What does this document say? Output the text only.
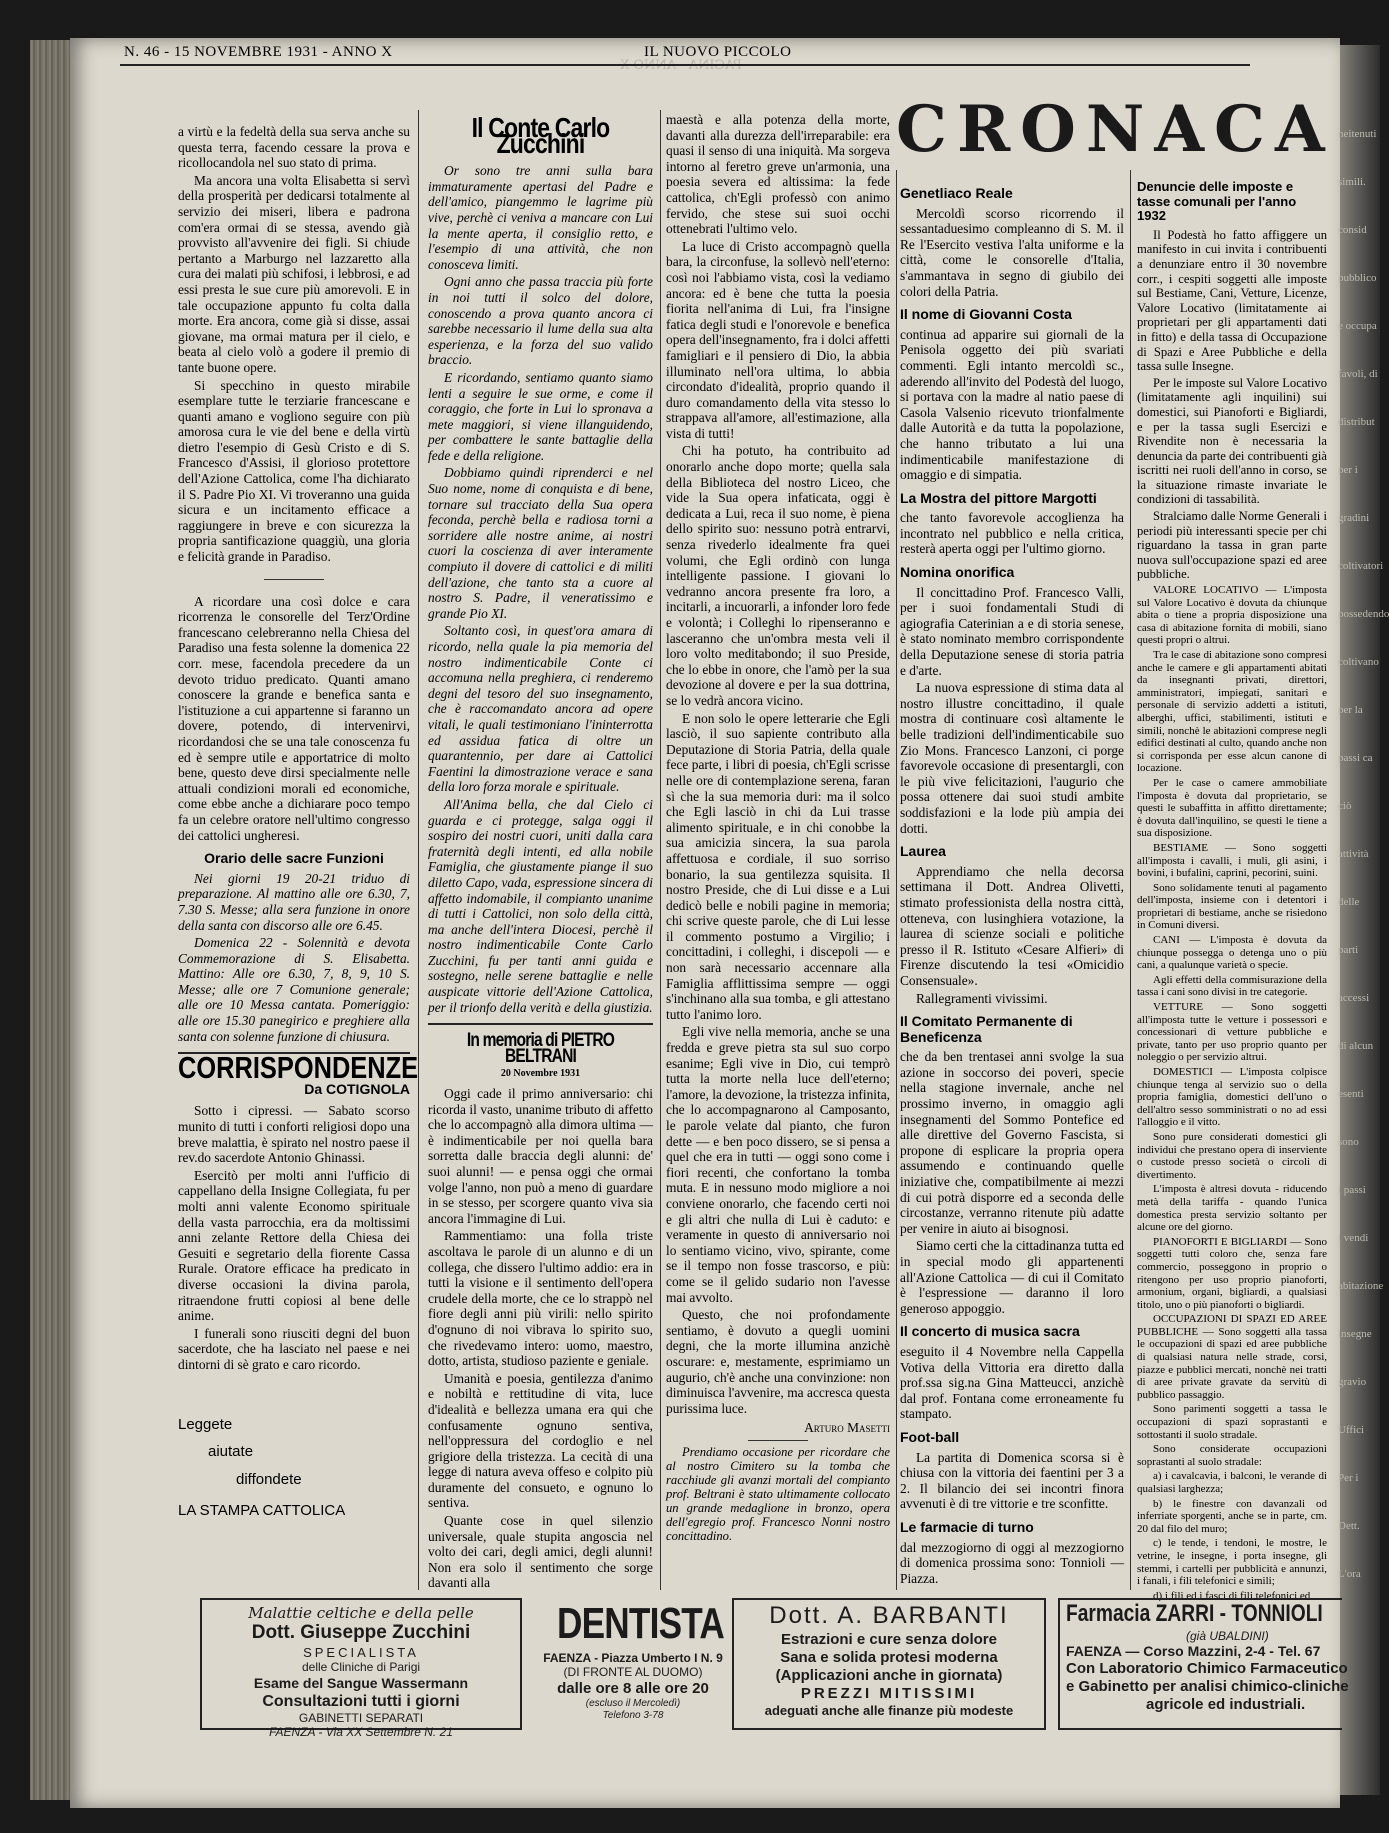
PAGINA · ANNO X
N. 46 - 15 NOVEMBRE 1931 - ANNO X	IL NUOVO PICCOLO

a virtù e la fedeltà della sua serva anche su questa terra, facendo cessare la prova e ricollocandola nel suo stato di prima.

Ma ancora una volta Elisabetta si servì della prosperità per dedicarsi totalmente al servizio dei miseri, libera e padrona com'era ormai di se stessa, avendo già provvisto all'avvenire dei figli. Si chiude pertanto a Marburgo nel lazzaretto alla cura dei malati più schifosi, i lebbrosi, e ad essi presta le sue cure più amorevoli. E in tale occupazione appunto fu colta dalla morte. Era ancora, come già si disse, assai giovane, ma ormai matura per il cielo, e beata al cielo volò a godere il premio di tante buone opere.

Si specchino in questo mirabile esemplare tutte le terziarie francescane e quanti amano e vogliono seguire con più amorosa cura le vie del bene e della virtù dietro l'esempio di Gesù Cristo e di S. Francesco d'Assisi, il glorioso protettore dell'Azione Cattolica, come l'ha dichiarato il S. Padre Pio XI. Vi troveranno una guida sicura e un incitamento efficace a raggiungere in breve e con sicurezza la propria santificazione quaggiù, una gloria e felicità grande in Paradiso.

A ricordare una così dolce e cara ricorrenza le consorelle del Terz'Ordine francescano celebreranno nella Chiesa del Paradiso una festa solenne la domenica 22 corr. mese, facendola precedere da un devoto triduo predicato. Quanti amano conoscere la grande e benefica santa e l'istituzione a cui appartenne si faranno un dovere, potendo, di intervenirvi, ricordandosi che se una tale conoscenza fu ed è sempre utile e apportatrice di molto bene, questo deve dirsi specialmente nelle attuali condizioni morali ed economiche, come ebbe anche a dichiarare poco tempo fa un celebre oratore nell'ultimo congresso dei cattolici ungheresi.

Orario delle sacre Funzioni

Nei giorni 19 20-21 triduo di preparazione. Al mattino alle ore 6.30, 7, 7.30 S. Messe; alla sera funzione in onore della santa con discorso alle ore 6.45.

Domenica 22 - Solennità e devota Commemorazione di S. Elisabetta. Mattino: Alle ore 6.30, 7, 8, 9, 10 S. Messe; alle ore 7 Comunione generale; alle ore 10 Messa cantata. Pomeriggio: alle ore 15.30 panegirico e preghiere alla santa con solenne funzione di chiusura.

CORRISPONDENZE
Da COTIGNOLA

Sotto i cipressi. — Sabato scorso munito di tutti i conforti religiosi dopo una breve malattia, è spirato nel nostro paese il rev.do sacerdote Antonio Ghinassi.

Esercitò per molti anni l'ufficio di cappellano della Insigne Collegiata, fu per molti anni valente Economo spirituale della vasta parrocchia, era da moltissimi anni zelante Rettore della Chiesa dei Gesuiti e segretario della fiorente Cassa Rurale. Oratore efficace ha predicato in diverse occasioni la divina parola, ritraendone frutti copiosi al bene delle anime.

I funerali sono riusciti degni del buon sacerdote, che ha lasciato nel paese e nei dintorni di sè grato e caro ricordo.

Leggete
aiutate
diffondete
LA STAMPA CATTOLICA
Il Conte Carlo Zucchini

Or sono tre anni sulla bara immaturamente apertasi del Padre e dell'amico, piangemmo le lagrime più vive, perchè ci veniva a mancare con Lui la mente aperta, il consiglio retto, e l'esempio di una attività, che non conosceva limiti.

Ogni anno che passa traccia più forte in noi tutti il solco del dolore, conoscendo a prova quanto ancora ci sarebbe necessario il lume della sua alta esperienza, e la forza del suo valido braccio.

E ricordando, sentiamo quanto siamo lenti a seguire le sue orme, e come il coraggio, che forte in Lui lo spronava a mete maggiori, si viene illanguidendo, per combattere le sante battaglie della fede e della religione.

Dobbiamo quindi riprenderci e nel Suo nome, nome di conquista e di bene, tornare sul tracciato della Sua opera feconda, perchè bella e radiosa torni a sorridere alle nostre anime, ai nostri cuori la coscienza di aver interamente compiuto il dovere di cattolici e di militi dell'azione, che tanto sta a cuore al nostro S. Padre, il veneratissimo e grande Pio XI.

Soltanto così, in quest'ora amara di ricordo, nella quale la pia memoria del nostro indimenticabile Conte ci accomuna nella preghiera, ci renderemo degni del tesoro del suo insegnamento, che è raccomandato ancora ad opere vitali, le quali testimoniano l'ininterrotta ed assidua fatica di oltre un quarantennio, per dare ai Cattolici Faentini la dimostrazione verace e sana della loro forza morale e spirituale.

All'Anima bella, che dal Cielo ci guarda e ci protegge, salga oggi il sospiro dei nostri cuori, uniti dalla cara fraternità degli intenti, ed alla nobile Famiglia, che giustamente piange il suo diletto Capo, vada, espressione sincera di affetto indomabile, il compianto unanime di tutti i Cattolici, non solo della città, ma anche dell'intera Diocesi, perchè il nostro indimenticabile Conte Carlo Zucchini, fu per tanti anni guida e sostegno, nelle serene battaglie e nelle auspicate vittorie dell'Azione Cattolica, per il trionfo della verità e della giustizia.

In memoria di PIETRO BELTRANI
20 Novembre 1931

Oggi cade il primo anniversario: chi ricorda il vasto, unanime tributo di affetto che lo accompagnò alla dimora ultima — è indimenticabile per noi quella bara sorretta dalle braccia degli alunni: de' suoi alunni! — e pensa oggi che ormai volge l'anno, non può a meno di guardare in se stesso, per scorgere quanto viva sia ancora l'immagine di Lui.

Rammentiamo: una folla triste ascoltava le parole di un alunno e di un collega, che dissero l'ultimo addio: era in tutti la visione e il sentimento dell'opera crudele della morte, che ce lo strappò nel fiore degli anni più virili: nello spirito d'ognuno di noi vibrava lo spirito suo, che rivedevamo intero: uomo, maestro, dotto, artista, studioso paziente e geniale.

Umanità e poesia, gentilezza d'animo e nobiltà e rettitudine di vita, luce d'idealità e bellezza umana era qui che confusamente ognuno sentiva, nell'oppressura del cordoglio e nel grigiore della tristezza. La cecità di una legge di natura aveva offeso e colpito più duramente del consueto, e ognuno lo sentiva.

Quante cose in quel silenzio universale, quale stupita angoscia nel volto dei cari, degli amici, degli alunni! Non era solo il sentimento che sorge davanti alla

maestà e alla potenza della morte, davanti alla durezza dell'irreparabile: era quasi il senso di una iniquità. Ma sorgeva intorno al feretro greve un'armonia, una poesia severa ed altissima: la fede cattolica, ch'Egli professò con animo fervido, che stese sui suoi occhi ottenebrati l'ultimo velo.

La luce di Cristo accompagnò quella bara, la circonfuse, la sollevò nell'eterno: così noi l'abbiamo vista, così la vediamo ancora: ed è bene che tutta la poesia fiorita nell'anima di Lui, fra l'insigne fatica degli studi e l'onorevole e benefica opera dell'insegnamento, fra i dolci affetti famigliari e il pensiero di Dio, la abbia illuminato nell'ora ultima, lo abbia circondato d'idealità, proprio quando il duro comandamento della vita stesso lo strappava all'amore, all'estimazione, alla vista di tutti!

Chi ha potuto, ha contribuito ad onorarlo anche dopo morte; quella sala della Biblioteca del nostro Liceo, che vide la Sua opera infaticata, oggi è dedicata a Lui, reca il suo nome, è piena dello spirito suo: nessuno potrà entrarvi, senza rivederlo idealmente fra quei volumi, che Egli ordinò con lunga intelligente passione. I giovani lo vedranno ancora presente fra loro, a incitarli, a incuorarli, a infonder loro fede e volontà; i Colleghi lo ripenseranno e lasceranno che un'ombra mesta veli il loro volto meditabondo; il suo Preside, che lo ebbe in onore, che l'amò per la sua devozione al dovere e per la sua dottrina, se lo vedrà ancora vicino.

E non solo le opere letterarie che Egli lasciò, il suo sapiente contributo alla Deputazione di Storia Patria, della quale fece parte, i libri di poesia, ch'Egli scrisse nelle ore di contemplazione serena, faran sì che la sua memoria duri: ma il solco che Egli lasciò in chi da Lui trasse alimento spirituale, e in chi conobbe la sua amicizia sincera, la sua parola affettuosa e cordiale, il suo sorriso bonario, la sua gentilezza squisita. Il nostro Preside, che di Lui disse e a Lui dedicò belle e nobili pagine in memoria; chi scrive queste parole, che di Lui lesse il commento postumo a Virgilio; i concittadini, i colleghi, i discepoli — e non sarà necessario accennare alla Famiglia afflittissima sempre — oggi s'inchinano alla sua tomba, e gli attestano tutto l'animo loro.

Egli vive nella memoria, anche se una fredda e greve pietra sta sul suo corpo esanime; Egli vive in Dio, cui temprò tutta la morte nella luce dell'eterno; l'amore, la devozione, la tristezza infinita, che lo accompagnarono al Camposanto, le parole velate dal pianto, che furon dette — e ben poco dissero, se si pensa a quel che era in tutti — oggi sono come i fiori recenti, che confortano la tomba muta. E in nessuno modo migliore a noi conviene onorarlo, che facendo certi noi e gli altri che nulla di Lui è caduto: e veramente in questo di anniversario noi lo sentiamo vicino, vivo, spirante, come se il tempo non fosse trascorso, e più: come se il gelido sudario non l'avesse mai avvolto.

Questo, che noi profondamente sentiamo, è dovuto a quegli uomini degni, che la morte illumina anzichè oscurare: e, mestamente, esprimiamo un augurio, ch'è anche una convinzione: non diminuisca l'avvenire, ma accresca questa purissima luce.

Arturo Masetti

Prendiamo occasione per ricordare che al nostro Cimitero su la tomba che racchiude gli avanzi mortali del compianto prof. Beltrani è stato ultimamente collocato un grande medaglione in bronzo, opera dell'egregio prof. Francesco Nonni nostro concittadino.

CRONACA
Genetliaco Reale

Mercoldì scorso ricorrendo il sessantaduesimo compleanno di S. M. il Re l'Esercito vestiva l'alta uniforme e la città, come le consorelle d'Italia, s'ammantava in segno di giubilo dei colori della Patria.

Il nome di Giovanni Costa

continua ad apparire sui giornali de la Penisola oggetto dei più svariati commenti. Egli intanto mercoldì sc., aderendo all'invito del Podestà del luogo, si portava con la madre al natio paese di Casola Valsenio ricevuto trionfalmente dalle Autorità e da tutta la popolazione, che hanno tributato a lui una indimenticabile manifestazione di omaggio e di simpatia.

La Mostra del pittore Margotti

che tanto favorevole accoglienza ha incontrato nel pubblico e nella critica, resterà aperta oggi per l'ultimo giorno.

Nomina onorifica

Il concittadino Prof. Francesco Valli, per i suoi fondamentali Studi di agiografia Caterinian a e di storia senese, è stato nominato membro corrispondente della Deputazione senese di storia patria e d'arte.

La nuova espressione di stima data al nostro illustre concittadino, il quale mostra di continuare così altamente le belle tradizioni dell'indimenticabile suo Zio Mons. Francesco Lanzoni, ci porge favorevole occasione di presentargli, con le più vive felicitazioni, l'augurio che possa ottenere dai suoi studi ambite soddisfazioni e la lode più ampia dei dotti.

Laurea

Apprendiamo che nella decorsa settimana il Dott. Andrea Olivetti, stimato professionista della nostra città, otteneva, con lusinghiera votazione, la laurea di scienze sociali e politiche presso il R. Istituto «Cesare Alfieri» di Firenze discutendo la tesi «Omicidio Consensuale».

Rallegramenti vivissimi.

Il Comitato Permanente di Beneficenza

che da ben trentasei anni svolge la sua azione in soccorso dei poveri, specie nella stagione invernale, anche nel prossimo inverno, in omaggio agli insegnamenti del Sommo Pontefice ed alle direttive del Governo Fascista, si propone di esplicare la propria opera assumendo e continuando quelle iniziative che, compatibilmente ai mezzi di cui potrà disporre ed a seconda delle circostanze, verranno ritenute più adatte per venire in aiuto ai bisognosi.

Siamo certi che la cittadinanza tutta ed in special modo gli appartenenti all'Azione Cattolica — di cui il Comitato è l'espressione — daranno il loro generoso appoggio.

Il concerto di musica sacra

eseguito il 4 Novembre nella Cappella Votiva della Vittoria era diretto dalla prof.ssa sig.na Gina Matteucci, anzichè dal prof. Fontana come erroneamente fu stampato.

Foot-ball

La partita di Domenica scorsa si è chiusa con la vittoria dei faentini per 3 a 2. Il bilancio dei sei incontri finora avvenuti è di tre vittorie e tre sconfitte.

Le farmacie di turno

dal mezzogiorno di oggi al mezzogiorno di domenica prossima sono: Tonnioli — Piazza.

Denuncie delle imposte e tasse comunali per l'anno 1932

Il Podestà ho fatto affiggere un manifesto in cui invita i contribuenti a denunziare entro il 30 novembre corr., i cespiti soggetti alle imposte sul Bestiame, Cani, Vetture, Licenze, Valore Locativo (limitatamente ai proprietari per gli appartamenti dati in fitto) e della tassa di Occupazione di Spazi e Aree Pubbliche e della tassa sulle Insegne.

Per le imposte sul Valore Locativo (limitatamente agli inquilini) sui domestici, sui Pianoforti e Bigliardi, e per la tassa sugli Esercizi e Rivendite non è necessaria la denuncia da parte dei contribuenti già iscritti nei ruoli dell'anno in corso, se la situazione rimaste invariate le condizioni di tassabilità.

Stralciamo dalle Norme Generali i periodi più interessanti specie per chi riguardano la tassa in gran parte nuova sull'occupazione spazi ed aree pubbliche.

VALORE LOCATIVO — L'imposta sul Valore Locativo è dovuta da chiunque abita o tiene a propria disposizione una casa di abitazione fornita di mobili, siano questi propri o altrui.

Tra le case di abitazione sono compresi anche le camere e gli appartamenti abitati da insegnanti privati, direttori, amministratori, impiegati, sanitari e personale di servizio addetti a istituti, alberghi, uffici, stabilimenti, istituti e simili, nonchè le abitazioni comprese negli edifici destinati al culto, quando anche non si corrisponda per esse alcun canone di locazione.

Per le case o camere ammobiliate l'imposta è dovuta dal proprietario, se questi le subaffitta in affitto direttamente; è dovuta dall'inquilino, se questi le tiene a sua disposizione.

BESTIAME — Sono soggetti all'imposta i cavalli, i muli, gli asini, i bovini, i bufalini, caprini, pecorini, suini.

Sono solidamente tenuti al pagamento dell'imposta, insieme con i detentori i proprietari di bestiame, anche se risiedono in Comuni diversi.

CANI — L'imposta è dovuta da chiunque possegga o detenga uno o più cani, a qualunque varietà o specie.

Agli effetti della commisurazione della tassa i cani sono divisi in tre categorie.

VETTURE — Sono soggetti all'imposta tutte le vetture i possessori e concessionari di vetture pubbliche e private, tanto per uso proprio quanto per noleggio o per servizio altrui.

DOMESTICI — L'imposta colpisce chiunque tenga al servizio suo o della propria famiglia, domestici dell'uno o dell'altro sesso somministrati o no ad essi l'alloggio e il vitto.

Sono pure considerati domestici gli individui che prestano opera di inserviente o custode presso società o circoli di divertimento.

L'imposta è altresì dovuta - riducendo metà della tariffa - quando l'unica domestica presta servizio soltanto per alcune ore del giorno.

PIANOFORTI E BIGLIARDI — Sono soggetti tutti coloro che, senza fare commercio, posseggono in proprio o ritengono per uso proprio pianoforti, armonium, organi, bigliardi, a qualsiasi titolo, uno o più pianoforti o bigliardi.

OCCUPAZIONI DI SPAZI ED AREE PUBBLICHE — Sono soggetti alla tassa le occupazioni di spazi ed aree pubbliche di qualsiasi natura nelle strade, corsi, piazze e pubblici mercati, nonchè nei tratti di aree private gravate da servitù di pubblico passaggio.

Sono parimenti soggetti a tassa le occupazioni di spazi soprastanti e sottostanti il suolo stradale.

Sono considerate occupazioni soprastanti al suolo stradale:

a) i cavalcavia, i balconi, le verande di qualsiasi larghezza;

b) le finestre con davanzali od inferriate sporgenti, anche se in parte, cm. 20 dal filo del muro;

c) le tende, i tendoni, le mostre, le vetrine, le insegne, i porta insegne, gli stemmi, i cartelli per pubblicità e annunzi, i fanali, i fili telefonici e simili;

d) i fili ed i fasci di fili telefonici ed

neitenuti
simili.
consid
pubblico
e occupa
favoli, di
distribut
per i gradini
coltivatori
possedendo
coltivano
per la
passi ca
ciò
attività
delle parti
accessi
di alcun
esenti
sono
i passi
i vendi
abitazione
insegne
gravio
Uffici
Per i
Dett.
L'ora
Malattie celtiche e della pelle
Dott. Giuseppe Zucchini
SPECIALISTA
delle Cliniche di Parigi
Esame del Sangue Wassermann
Consultazioni tutti i giorni
GABINETTI SEPARATI
FAENZA - Via XX Settembre N. 21
DENTISTA
FAENZA - Piazza Umberto I N. 9
(DI FRONTE AL DUOMO)
dalle ore 8 alle ore 20
(escluso il Mercoledì)
Telefono 3-78
Dott. A. BARBANTI
Estrazioni e cure senza dolore
Sana e solida protesi moderna
(Applicazioni anche in giornata)
PREZZI MITISSIMI
adeguati anche alle finanze più modeste
Farmacia ZARRI - TONNIOLI
(già UBALDINI)
FAENZA — Corso Mazzini, 2-4 - Tel. 67
Con Laboratorio Chimico Farmaceutico
e Gabinetto per analisi chimico-cliniche
agricole ed industriali.
